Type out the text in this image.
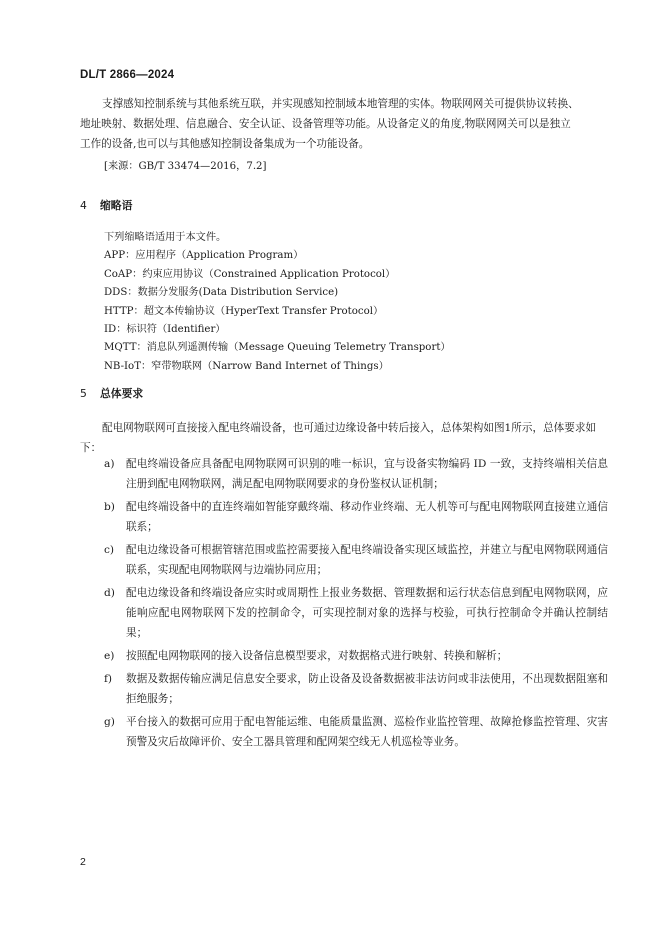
DL/T 2866—2024
支撑感知控制系统与其他系统互联，并实现感知控制域本地管理的实体。物联网网关可提供协议转换、地址映射、数据处理、信息融合、安全认证、设备管理等功能。从设备定义的角度,物联网网关可以是独立工作的设备,也可以与其他感知控制设备集成为一个功能设备。
[来源：GB/T 33474—2016，7.2]
4 缩略语
下列缩略语适用于本文件。
APP：应用程序（Application Program）
CoAP：约束应用协议（Constrained Application Protocol）
DDS：数据分发服务(Data Distribution Service)
HTTP：超文本传输协议（HyperText Transfer Protocol）
ID：标识符（Identifier）
MQTT：消息队列遥测传输（Message Queuing Telemetry Transport）
NB-IoT：窄带物联网（Narrow Band Internet of Things）
5 总体要求
配电网物联网可直接接入配电终端设备，也可通过边缘设备中转后接入，总体架构如图1所示，总体要求如下：
a)	配电终端设备应具备配电网物联网可识别的唯一标识，宜与设备实物编码 ID 一致，支持终端相关信息注册到配电网物联网，满足配电网物联网要求的身份鉴权认证机制；
b)	配电终端设备中的直连终端如智能穿戴终端、移动作业终端、无人机等可与配电网物联网直接建立通信联系；
c)	配电边缘设备可根据管辖范围或监控需要接入配电终端设备实现区域监控，并建立与配电网物联网通信联系，实现配电网物联网与边端协同应用；
d)	配电边缘设备和终端设备应实时或周期性上报业务数据、管理数据和运行状态信息到配电网物联网，应能响应配电网物联网下发的控制命令，可实现控制对象的选择与校验，可执行控制命令并确认控制结果；
e)	按照配电网物联网的接入设备信息模型要求，对数据格式进行映射、转换和解析；
f)	数据及数据传输应满足信息安全要求，防止设备及设备数据被非法访问或非法使用，不出现数据阻塞和拒绝服务；
g)	平台接入的数据可应用于配电智能运维、电能质量监测、巡检作业监控管理、故障抢修监控管理、灾害预警及灾后故障评价、安全工器具管理和配网架空线无人机巡检等业务。
2
